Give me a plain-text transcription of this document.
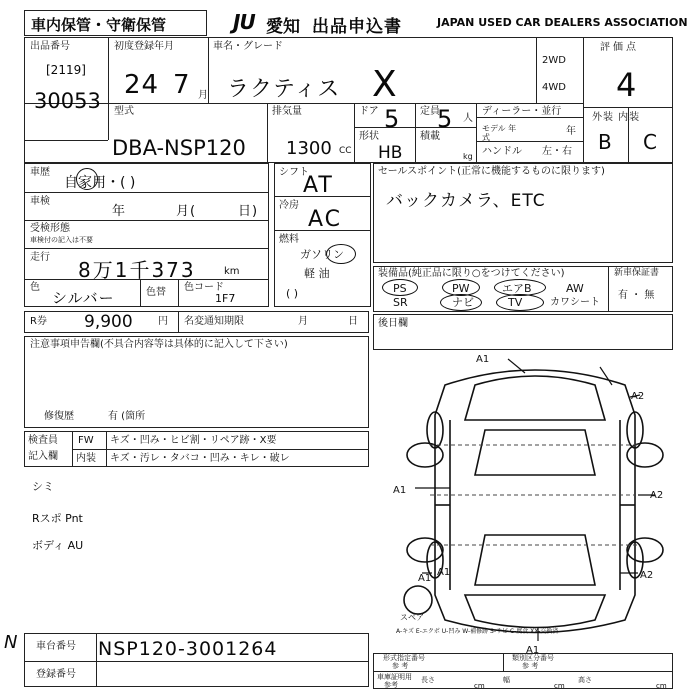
車内保管・守衛保管	JU 愛知 出品申込書	JAPAN USED CAR DEALERS ASSOCIATION
出品番号
[2119]
30053
初度登録年月
24 7 月
車名・グレード
ラクティス X
2WD
4WD
評価点
4
外装 内装
B C
型式
DBA-NSP120
排気量
1300 CC
ドア 5
形状
HB
定員
5 人
積載
kg
ディーラー・並行
モデル 年式
年
ハンドル 左・右
車歴
自家用・( )
車検
年	月(	日)
受検形態
車検付の記入は不要
走行
8万1千373	km
色
シルバー	色替 色コード
1F7
シフト
AT
冷房
AC
燃料
ガソリン
軽 油
( )
セールスポイント(正常に機能するものに限ります)
バックカメラ、ETC
装備品(純正品に限り○をつけてください)
PS	PW	エアB	AW
SR	ナビ	TV	カワシート
新車保証書
有 ・ 無
R券 9,900	円 名変通知期限	月	日 後日欄
注意事項申告欄(不具合内容等は具体的に記入して下さい)
修復歴	有 (箇所
検査員
記入欄
FW キズ・凹み・ヒビ割・リペア跡・X要
内装 キズ・汚レ・タバコ・凹み・キレ・破レ
シミ
Rスポ Pnt
ボディ AU
A1
A2
A1	A2
A1
A1	A2
A1
スペア
A-キズ E-エクボ U-凹み W-補修跡 S-サビ C-腐食 XX-交換済
N 車台番号 NSP120-3001264
登録番号
形式指定番号
参 考
類別区分番号
参 考
車庫証明用
参考
長さ
cm
幅
cm
高さ
cm
